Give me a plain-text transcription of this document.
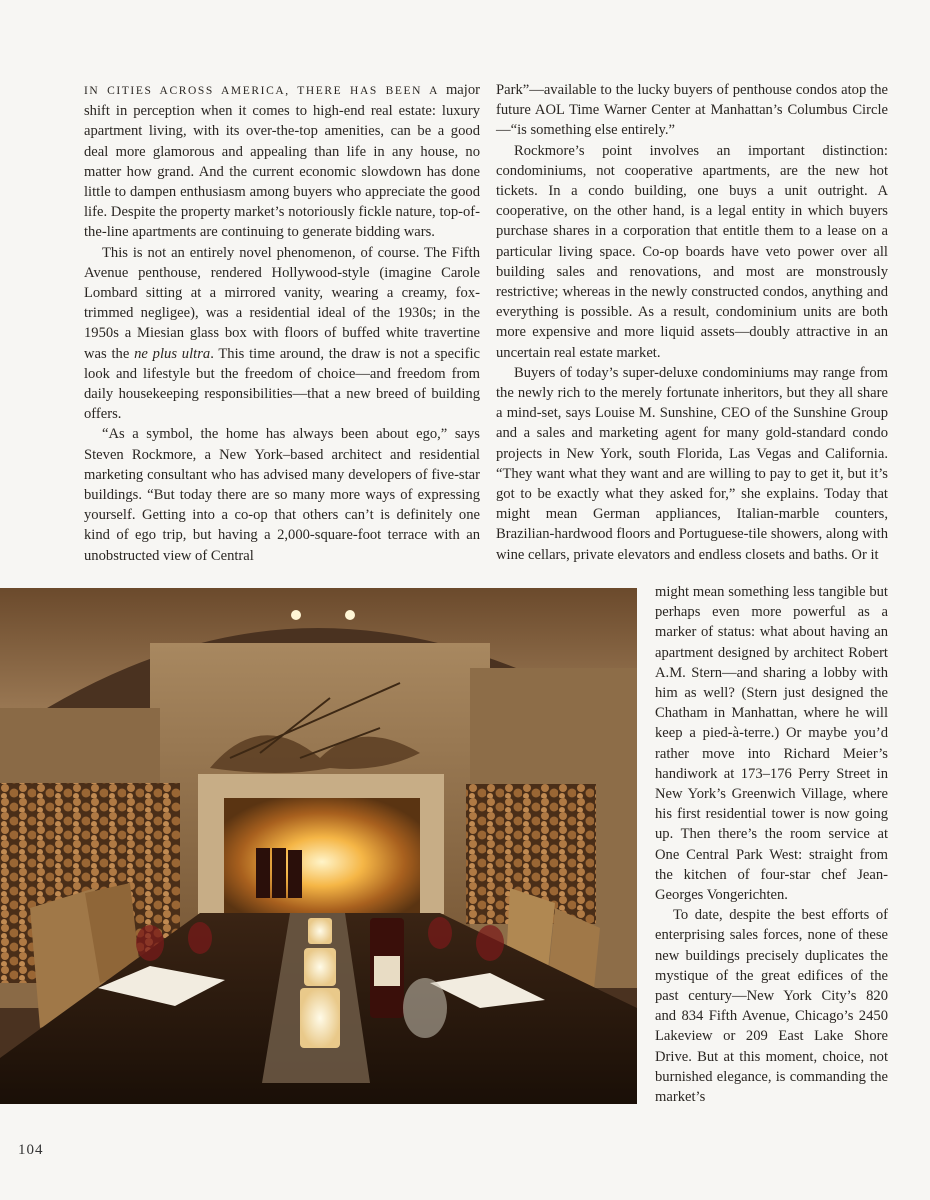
IN CITIES ACROSS AMERICA, THERE HAS BEEN A major shift in perception when it comes to high-end real estate: luxury apartment living, with its over-the-top amenities, can be a good deal more glamorous and appealing than life in any house, no matter how grand. And the current economic slowdown has done little to dampen enthusiasm among buyers who appreciate the good life. Despite the property market’s notoriously fickle nature, top-of-the-line apartments are continuing to generate bidding wars.

This is not an entirely novel phenomenon, of course. The Fifth Avenue penthouse, rendered Hollywood-style (imagine Carole Lombard sitting at a mirrored vanity, wearing a creamy, fox-trimmed negligee), was a residential ideal of the 1930s; in the 1950s a Miesian glass box with floors of buffed white travertine was the ne plus ultra. This time around, the draw is not a specific look and lifestyle but the freedom of choice—and freedom from daily housekeeping responsibilities—that a new breed of building offers.

“As a symbol, the home has always been about ego,” says Steven Rockmore, a New York–based architect and residential marketing consultant who has advised many developers of five-star buildings. “But today there are so many more ways of expressing yourself. Getting into a co-op that others can’t is definitely one kind of ego trip, but having a 2,000-square-foot terrace with an unobstructed view of Central

Park”—available to the lucky buyers of penthouse condos atop the future AOL Time Warner Center at Manhattan’s Columbus Circle—“is something else entirely.”

Rockmore’s point involves an important distinction: condominiums, not cooperative apartments, are the new hot tickets. In a condo building, one buys a unit outright. A cooperative, on the other hand, is a legal entity in which buyers purchase shares in a corporation that entitle them to a lease on a particular living space. Co-op boards have veto power over all building sales and renovations, and most are monstrously restrictive; whereas in the newly constructed condos, anything and everything is possible. As a result, condominium units are both more expensive and more liquid assets—doubly attractive in an uncertain real estate market.

Buyers of today’s super-deluxe condominiums may range from the newly rich to the merely fortunate inheritors, but they all share a mind-set, says Louise M. Sunshine, CEO of the Sunshine Group and a sales and marketing agent for many gold-standard condo projects in New York, south Florida, Las Vegas and California. “They want what they want and are willing to pay to get it, but it’s got to be exactly what they asked for,” she explains. Today that might mean German appliances, Italian-marble counters, Brazilian-hardwood floors and Portuguese-tile showers, along with wine cellars, private elevators and endless closets and baths. Or it

might mean something less tangible but perhaps even more powerful as a marker of status: what about having an apartment designed by architect Robert A.M. Stern—and sharing a lobby with him as well? (Stern just designed the Chatham in Manhattan, where he will keep a pied-à-terre.) Or maybe you’d rather move into Richard Meier’s handiwork at 173–176 Perry Street in New York’s Greenwich Village, where his first residential tower is now going up. Then there’s the room service at One Central Park West: straight from the kitchen of four-star chef Jean-Georges Vongerichten.

To date, despite the best efforts of enterprising sales forces, none of these new buildings precisely duplicates the mystique of the great edifices of the past century—New York City’s 820 and 834 Fifth Avenue, Chicago’s 2450 Lakeview or 209 East Lake Shore Drive. But at this moment, choice, not burnished elegance, is commanding the market’s

104
